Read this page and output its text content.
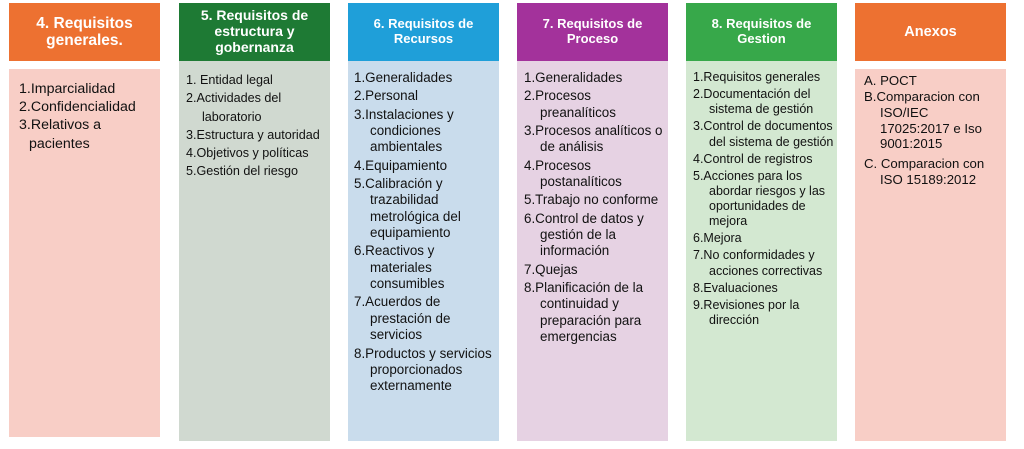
4. Requisitos generales.
1.Imparcialidad
2.Confidencialidad
3.Relativos a pacientes
5. Requisitos de estructura y gobernanza
1. Entidad legal
2.Actividades del laboratorio
3.Estructura y autoridad
4.Objetivos y políticas
5.Gestión del riesgo
6. Requisitos de Recursos
1.Generalidades
2.Personal
3.Instalaciones y condiciones ambientales
4.Equipamiento
5.Calibración y trazabilidad metrológica del equipamiento
6.Reactivos y materiales consumibles
7.Acuerdos de prestación de servicios
8.Productos y servicios proporcionados externamente
7. Requisitos de Proceso
1.Generalidades
2.Procesos preanalíticos
3.Procesos analíticos o de análisis
4.Procesos postanalíticos
5.Trabajo no conforme
6.Control de datos y gestión de la información
7.Quejas
8.Planificación de la continuidad y preparación para emergencias
8. Requisitos de Gestion
1.Requisitos generales
2.Documentación del sistema de gestión
3.Control de documentos del sistema de gestión
4.Control de registros
5.Acciones para los abordar riesgos y las oportunidades de mejora
6.Mejora
7.No conformidades y acciones correctivas
8.Evaluaciones
9.Revisiones por la dirección
Anexos
A. POCT
B.Comparacion con ISO/IEC 17025:2017 e Iso 9001:2015
C. Comparacion con ISO 15189:2012
